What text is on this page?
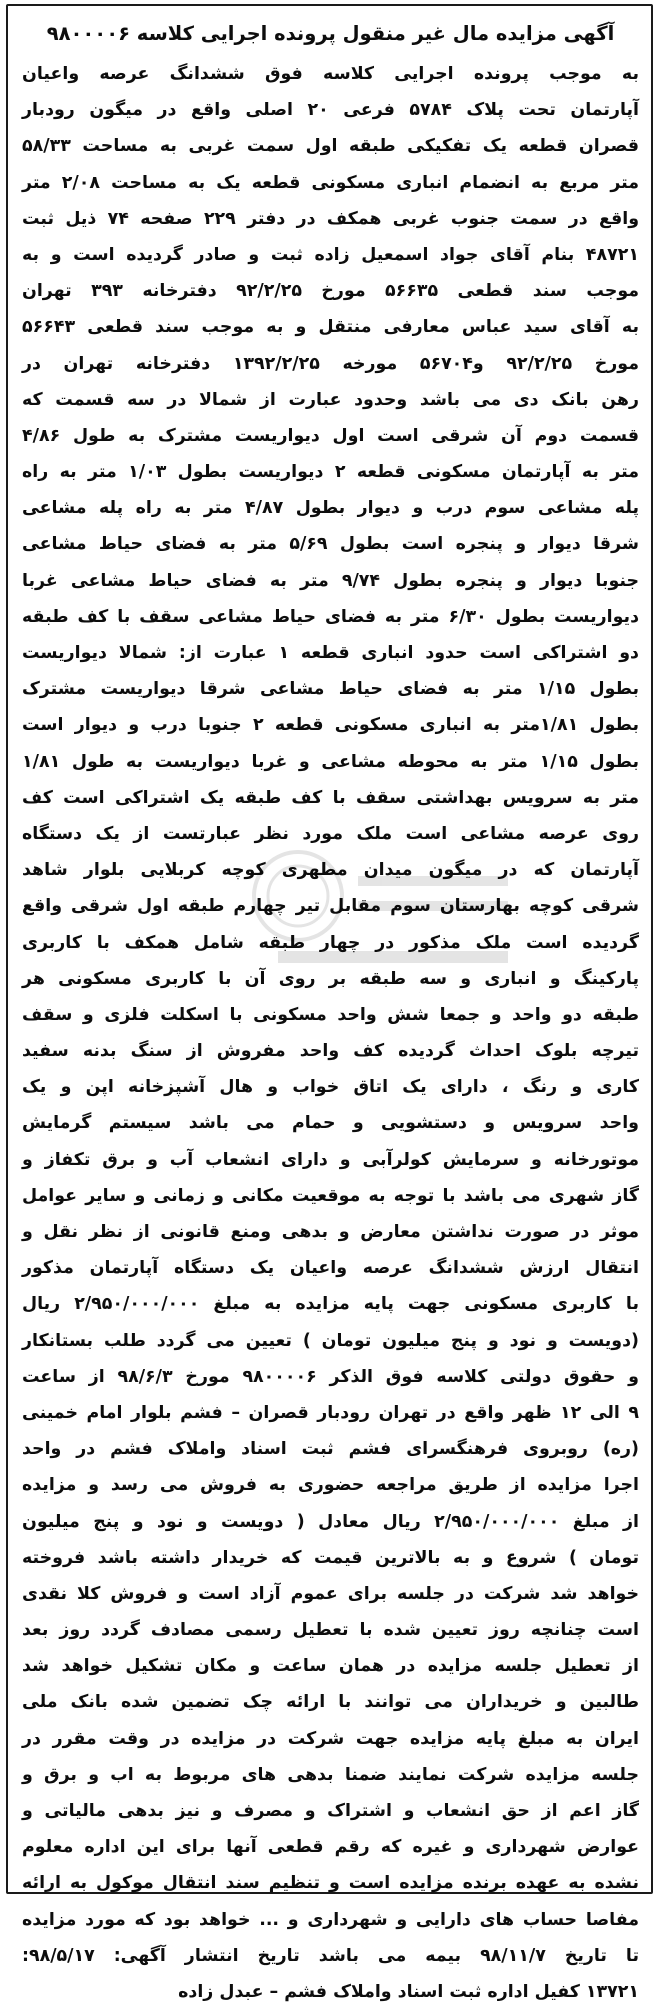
آگهی مزایده مال غیر منقول پرونده اجرایی کلاسه ۹۸۰۰۰۰۶
به موجب پرونده اجرایی کلاسه فوق ششدانگ عرصه واعیان
آپارتمان تحت پلاک ۵۷۸۴ فرعی ۲۰ اصلی واقع در میگون رودبار
قصران قطعه یک تفکیکی طبقه اول سمت غربی به مساحت ۵۸/۳۳
متر مربع به انضمام انباری مسکونی قطعه یک به مساحت ۲/۰۸ متر
واقع در سمت جنوب غربی همکف در دفتر ۲۲۹ صفحه ۷۴ ذیل ثبت
۴۸۷۲۱ بنام آقای جواد اسمعیل زاده ثبت و صادر گردیده است و به
موجب سند قطعی ۵۶۶۳۵ مورخ ۹۲/۲/۲۵ دفترخانه ۳۹۳ تهران
به آقای سید عباس معارفی منتقل و به موجب سند قطعی ۵۶۶۴۳
مورخ ۹۲/۲/۲۵ و۵۶۷۰۴ مورخه ۱۳۹۲/۲/۲۵ دفترخانه تهران در
رهن بانک دی می باشد وحدود عبارت از شمالا در سه قسمت که
قسمت دوم آن شرقی است اول دیواریست مشترک به طول ۴/۸۶
متر به آپارتمان مسکونی قطعه ۲ دیواریست بطول ۱/۰۳ متر به راه
پله مشاعی سوم درب و دیوار بطول ۴/۸۷ متر به راه پله مشاعی
شرقا دیوار و پنجره است بطول ۵/۶۹ متر به فضای حیاط مشاعی
جنوبا دیوار و پنجره بطول ۹/۷۴ متر به فضای حیاط مشاعی غربا
دیواریست بطول ۶/۳۰ متر به فضای حیاط مشاعی سقف با کف طبقه
دو اشتراکی است حدود انباری قطعه ۱ عبارت از: شمالا دیواریست
بطول ۱/۱۵ متر به فضای حیاط مشاعی شرقا دیواریست مشترک
بطول ۱/۸۱متر به انباری مسکونی قطعه ۲ جنوبا درب و دیوار است
بطول ۱/۱۵ متر به محوطه مشاعی و غربا دیواریست به طول ۱/۸۱
متر به سرویس بهداشتی سقف با کف طبقه یک اشتراکی است کف
روی عرصه مشاعی است ملک مورد نظر عبارتست از یک دستگاه
آپارتمان که در میگون میدان مطهری کوچه کربلایی بلوار شاهد
شرقی کوچه بهارستان سوم مقابل تیر چهارم طبقه اول شرقی واقع
گردیده است ملک مذکور در چهار طبقه شامل همکف با کاربری
پارکینگ و انباری و سه طبقه بر روی آن با کاربری مسکونی هر
طبقه دو واحد و جمعا شش واحد مسکونی با اسکلت فلزی و سقف
تیرچه بلوک احداث گردیده کف واحد مفروش از سنگ بدنه سفید
کاری و رنگ ، دارای یک اتاق خواب و هال آشپزخانه اپن و یک
واحد سرویس و دستشویی و حمام می باشد سیستم گرمایش
موتورخانه و سرمایش کولرآبی و دارای انشعاب آب و برق تکفاز و
گاز شهری می باشد با توجه به موقعیت مکانی و زمانی و سایر عوامل
موثر در صورت نداشتن معارض و بدهی ومنع قانونی از نظر نقل و
انتقال ارزش ششدانگ عرصه واعیان یک دستگاه آپارتمان مذکور
با کاربری مسکونی جهت پایه مزایده به مبلغ ۲/۹۵۰/۰۰۰/۰۰۰ ریال
(دویست و نود و پنج میلیون تومان ) تعیین می گردد طلب بستانکار
و حقوق دولتی کلاسه فوق الذکر ۹۸۰۰۰۰۶ مورخ ۹۸/۶/۳ از ساعت
۹ الی ۱۲ ظهر واقع در تهران رودبار قصران – فشم بلوار امام خمینی
(ره) روبروی فرهنگسرای فشم ثبت اسناد واملاک فشم در واحد
اجرا مزایده از طریق مراجعه حضوری به فروش می رسد و مزایده
از مبلغ ۲/۹۵۰/۰۰۰/۰۰۰ ریال معادل ( دویست و نود و پنج میلیون
تومان ) شروع و به بالاترین قیمت که خریدار داشته باشد فروخته
خواهد شد شرکت در جلسه برای عموم آزاد است و فروش کلا نقدی
است چنانچه روز تعیین شده با تعطیل رسمی مصادف گردد روز بعد
از تعطیل جلسه مزایده در همان ساعت و مکان تشکیل خواهد شد
طالبین و خریداران می توانند با ارائه چک تضمین شده بانک ملی
ایران به مبلغ پایه مزایده جهت شرکت در مزایده در وقت مقرر در
جلسه مزایده شرکت نمایند ضمنا بدهی های مربوط به اب و برق و
گاز اعم از حق انشعاب و اشتراک و مصرف و نیز بدهی مالیاتی و
عوارض شهرداری و غیره که رقم قطعی آنها برای این اداره معلوم
نشده به عهده برنده مزایده است و تنظیم سند انتقال موکول به ارائه
مفاصا حساب های دارایی و شهرداری و ... خواهد بود که مورد مزایده
تا تاریخ ۹۸/۱۱/۷ بیمه می باشد تاریخ انتشار آگهی: ۹۸/۵/۱۷:
۱۳۷۲۱ کفیل اداره ثبت اسناد واملاک فشم – عبدل زاده
